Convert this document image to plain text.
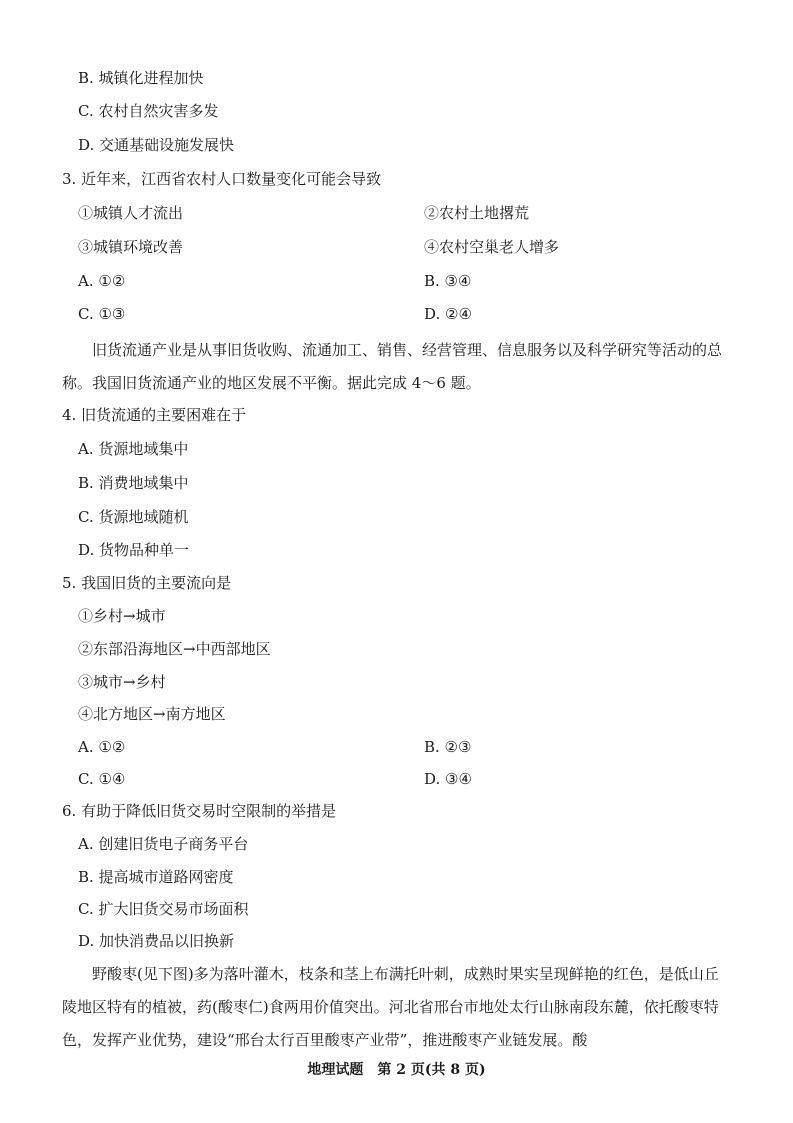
B. 城镇化进程加快
C. 农村自然灾害多发
D. 交通基础设施发展快
3. 近年来，江西省农村人口数量变化可能会导致
①城镇人才流出	②农村土地撂荒
③城镇环境改善	④农村空巢老人增多
A. ①②	B. ③④
C. ①③	D. ②④
旧货流通产业是从事旧货收购、流通加工、销售、经营管理、信息服务以及科学研究等活动的总称。我国旧货流通产业的地区发展不平衡。据此完成 4～6 题。
4. 旧货流通的主要困难在于
A. 货源地域集中
B. 消费地域集中
C. 货源地域随机
D. 货物品种单一
5. 我国旧货的主要流向是
①乡村→城市
②东部沿海地区→中西部地区
③城市→乡村
④北方地区→南方地区
A. ①②	B. ②③
C. ①④	D. ③④
6. 有助于降低旧货交易时空限制的举措是
A. 创建旧货电子商务平台
B. 提高城市道路网密度
C. 扩大旧货交易市场面积
D. 加快消费品以旧换新
野酸枣(见下图)多为落叶灌木，枝条和茎上布满托叶刺，成熟时果实呈现鲜艳的红色，是低山丘陵地区特有的植被，药(酸枣仁)食两用价值突出。河北省邢台市地处太行山脉南段东麓，依托酸枣特色，发挥产业优势，建设“邢台太行百里酸枣产业带”，推进酸枣产业链发展。酸
地理试题　第 2 页(共 8 页)
